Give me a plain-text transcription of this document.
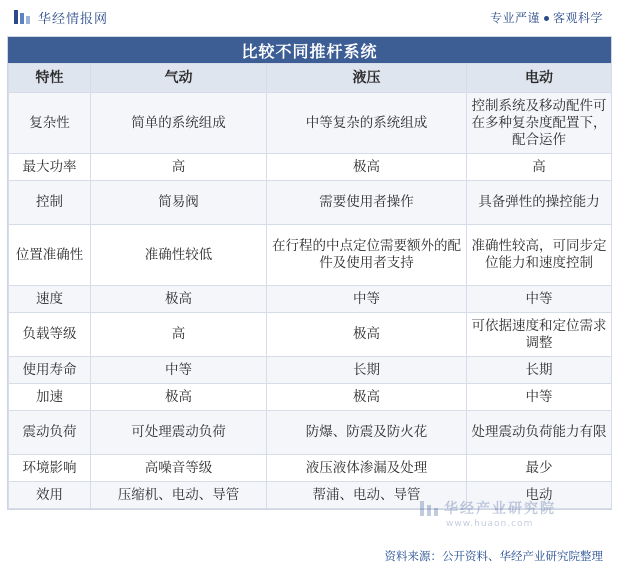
华经情报网	专业严谨 客观科学
比较不同推杆系统
特性	气动	液压	电动
复杂性	简单的系统组成	中等复杂的系统组成	控制系统及移动配件可在多种复杂度配置下，配合运作
最大功率	高	极高	高
控制	简易阀	需要使用者操作	具备弹性的操控能力
位置准确性	准确性较低	在行程的中点定位需要额外的配件及使用者支持	准确性较高，可同步定位能力和速度控制
速度	极高	中等	中等
负载等级	高	极高	可依据速度和定位需求调整
使用寿命	中等	长期	长期
加速	极高	极高	中等
震动负荷	可处理震动负荷	防爆、防震及防火花	处理震动负荷能力有限
环境影响	高噪音等级	液压液体渗漏及处理	最少
效用	压缩机、电动、导管	帮浦、电动、导管	电动
华经产业研究院
www.huaon.com
资料来源：公开资料、华经产业研究院整理
